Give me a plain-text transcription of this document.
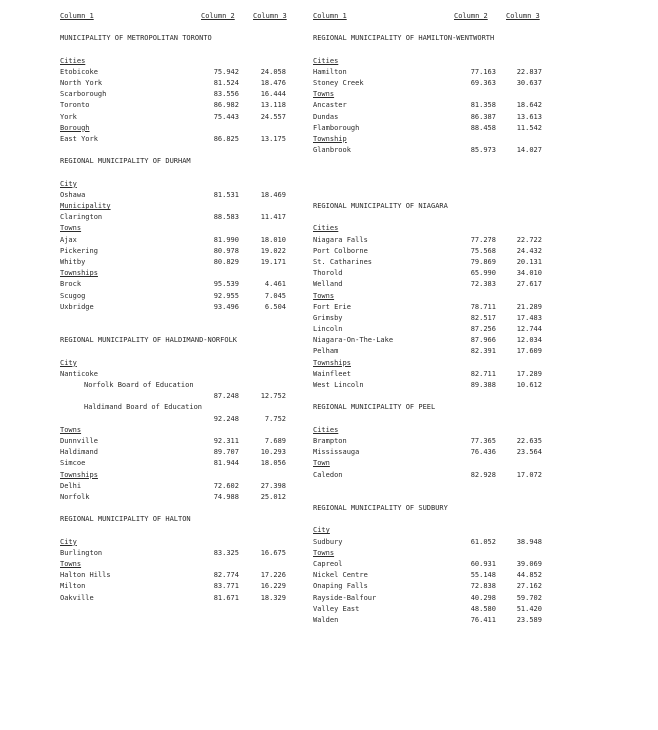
Column 1	Column 2	Column 3
MUNICIPALITY OF METROPOLITAN TORONTO
Cities
Etobicoke	75.942	24.058
North York	81.524	18.476
Scarborough	83.556	16.444
Toronto	86.982	13.118
York	75.443	24.557
Borough
East York	86.825	13.175
REGIONAL MUNICIPALITY OF DURHAM
City
Oshawa	81.531	18.469
Municipality
Clarington	88.583	11.417
Towns
Ajax	81.990	18.010
Pickering	80.978	19.022
Whitby	80.829	19.171
Townships
Brock	95.539	4.461
Scugog	92.955	7.045
Uxbridge	93.496	6.504
REGIONAL MUNICIPALITY OF HALDIMAND-NORFOLK
City
Nanticoke
Norfolk Board of Education
87.248	12.752
Haldimand Board of Education
92.248	7.752
Towns
Dunnville	92.311	7.689
Haldimand	89.707	10.293
Simcoe	81.944	18.056
Townships
Delhi	72.602	27.398
Norfolk	74.988	25.012
REGIONAL MUNICIPALITY OF HALTON
City
Burlington	83.325	16.675
Towns
Halton Hills	82.774	17.226
Milton	83.771	16.229
Oakville	81.671	18.329
Column 1	Column 2	Column 3
REGIONAL MUNICIPALITY OF HAMILTON-WENTWORTH
Cities
Hamilton	77.163	22.837
Stoney Creek	69.363	30.637
Towns
Ancaster	81.358	18.642
Dundas	86.387	13.613
Flamborough	88.458	11.542
Township
Glanbrook	85.973	14.027
REGIONAL MUNICIPALITY OF NIAGARA
Cities
Niagara Falls	77.278	22.722
Port Colborne	75.568	24.432
St. Catharines	79.869	20.131
Thorold	65.990	34.010
Welland	72.383	27.617
Towns
Fort Erie	78.711	21.289
Grimsby	82.517	17.483
Lincoln	87.256	12.744
Niagara-On-The-Lake	87.966	12.034
Pelham	82.391	17.609
Townships
Wainfleet	82.711	17.289
West Lincoln	89.388	10.612
REGIONAL MUNICIPALITY OF PEEL
Cities
Brampton	77.365	22.635
Mississauga	76.436	23.564
Town
Caledon	82.928	17.072
REGIONAL MUNICIPALITY OF SUDBURY
City
Sudbury	61.052	38.948
Towns
Capreol	60.931	39.069
Nickel Centre	55.148	44.852
Onaping Falls	72.838	27.162
Rayside-Balfour	40.298	59.702
Valley East	48.580	51.420
Walden	76.411	23.589
